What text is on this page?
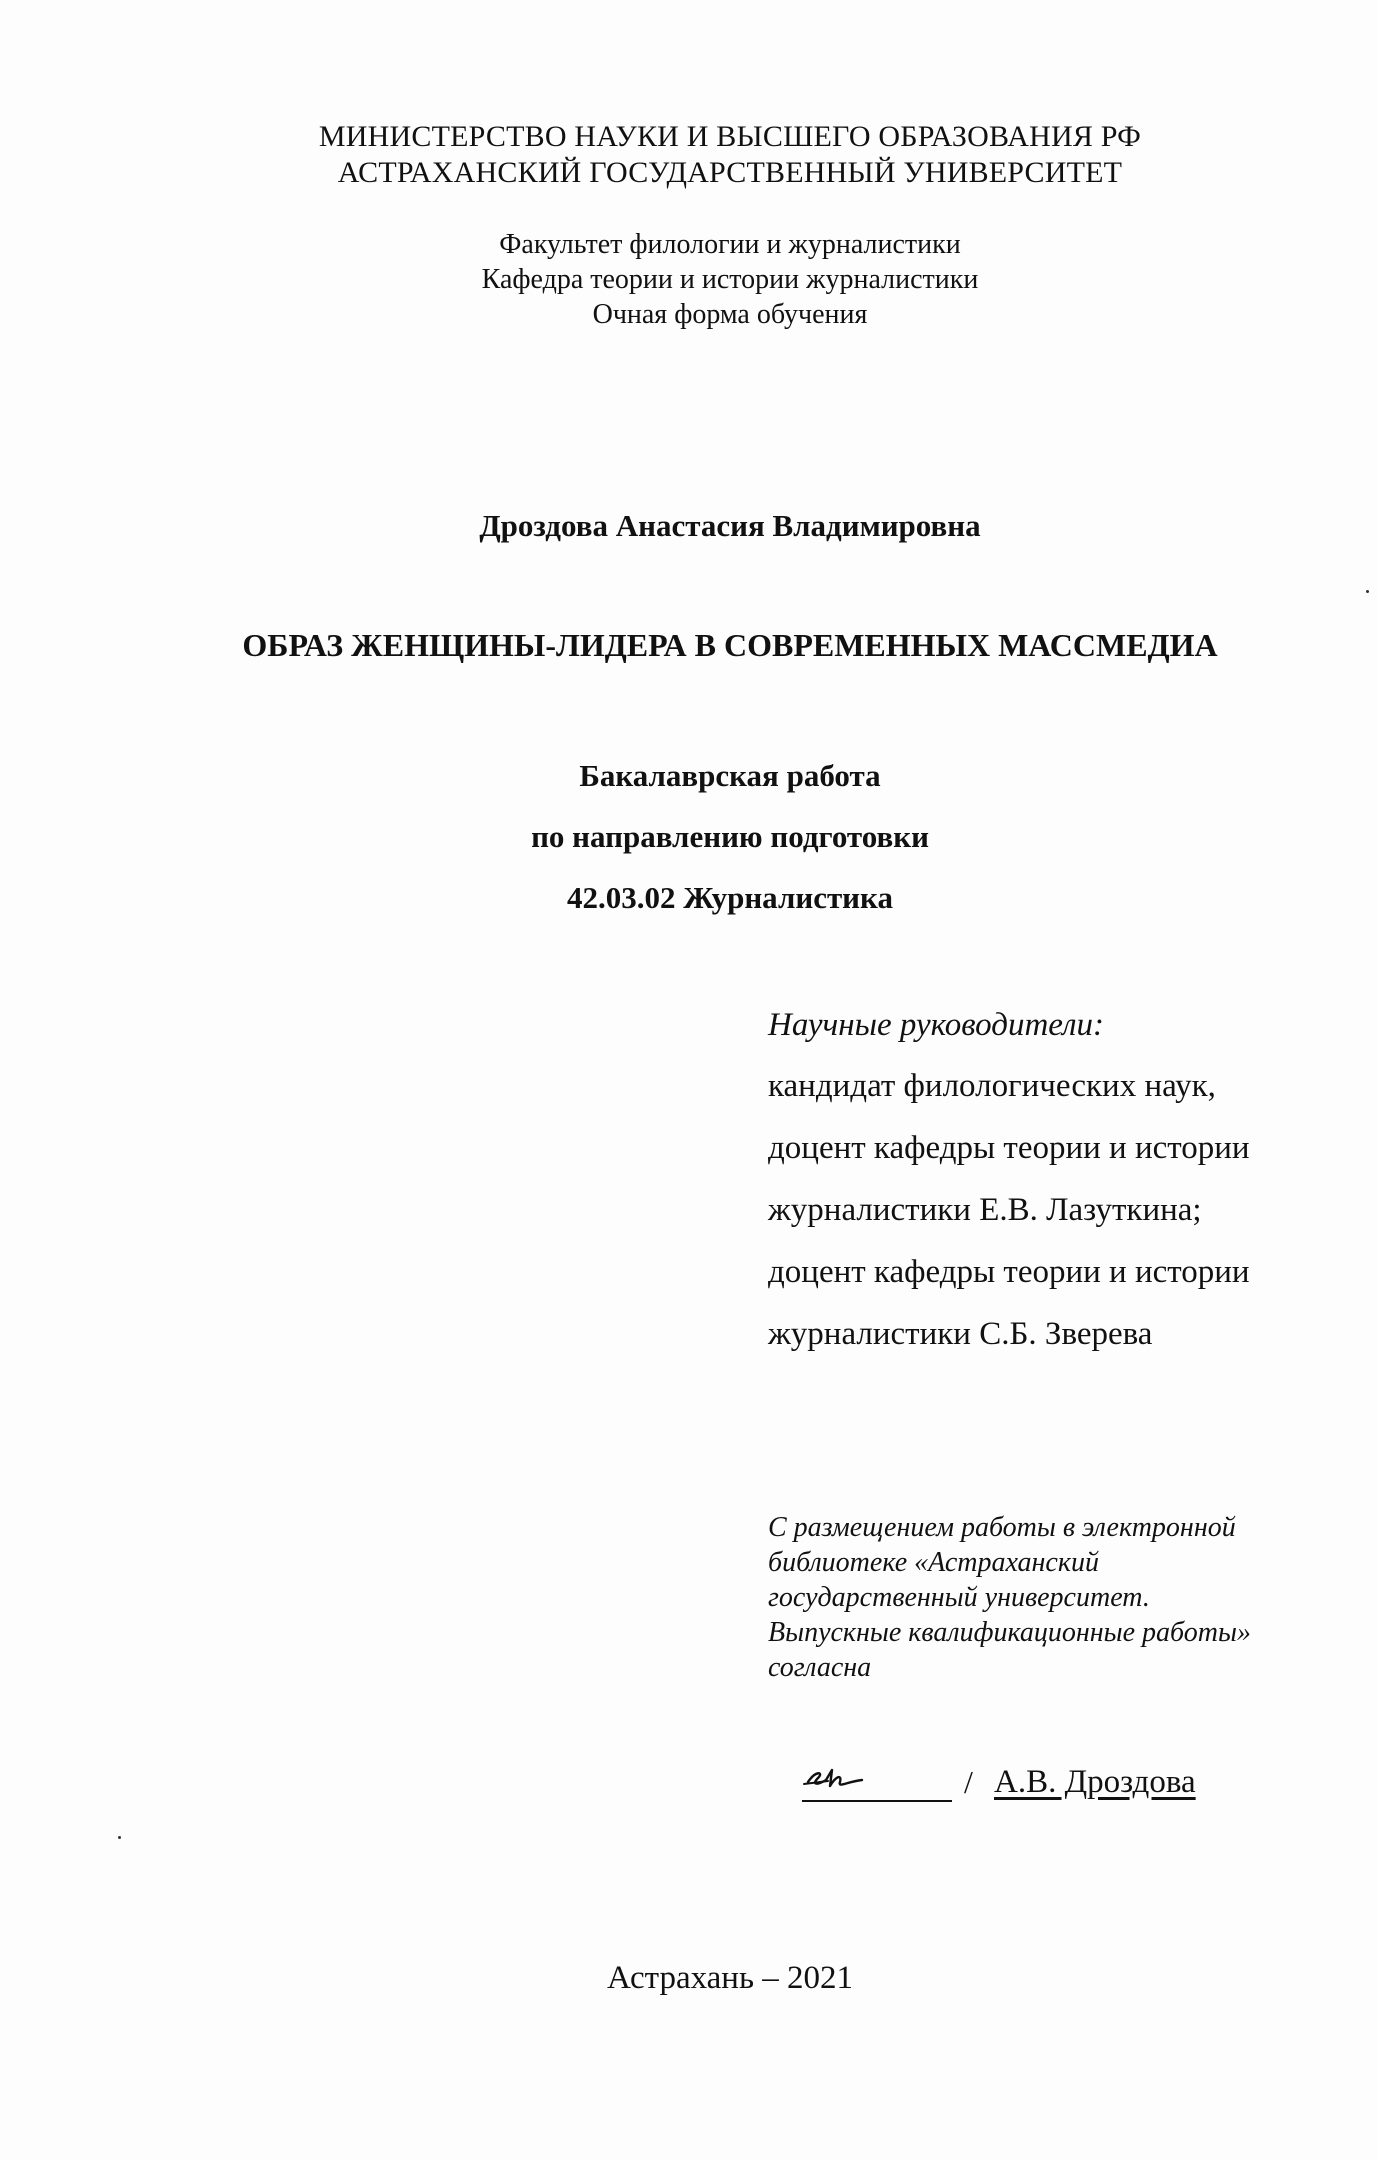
МИНИСТЕРСТВО НАУКИ И ВЫСШЕГО ОБРАЗОВАНИЯ РФ
АСТРАХАНСКИЙ ГОСУДАРСТВЕННЫЙ УНИВЕРСИТЕТ
Факультет филологии и журналистики
Кафедра теории и истории журналистики
Очная форма обучения
Дроздова Анастасия Владимировна
ОБРАЗ ЖЕНЩИНЫ-ЛИДЕРА В СОВРЕМЕННЫХ МАССМЕДИА
Бакалаврская работа
по направлению подготовки
42.03.02 Журналистика
Научные руководители:
кандидат филологических наук,
доцент кафедры теории и истории
журналистики Е.В. Лазуткина;
доцент кафедры теории и истории
журналистики С.Б. Зверева
С размещением работы в электронной
библиотеке «Астраханский
государственный университет.
Выпускные квалификационные работы»
согласна
/ А.В. Дроздова
Астрахань – 2021
